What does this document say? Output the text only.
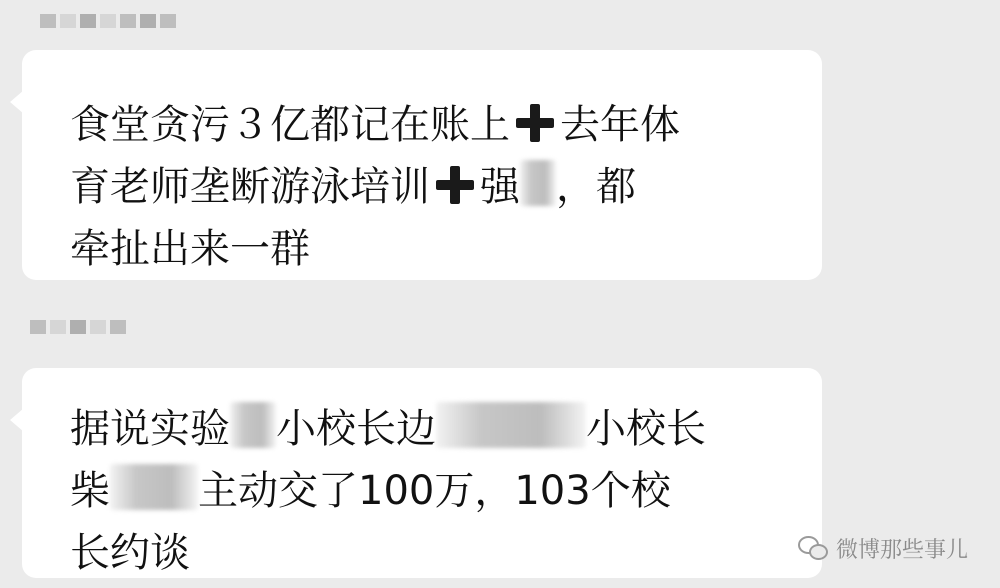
食堂贪污３亿都记在账上 去年体
育老师垄断游泳培训 强 ，都
牵扯出来一群
据说实验 小校长边	小校长
柴 主动交了100万，103个校
长约谈	微博那些事儿
